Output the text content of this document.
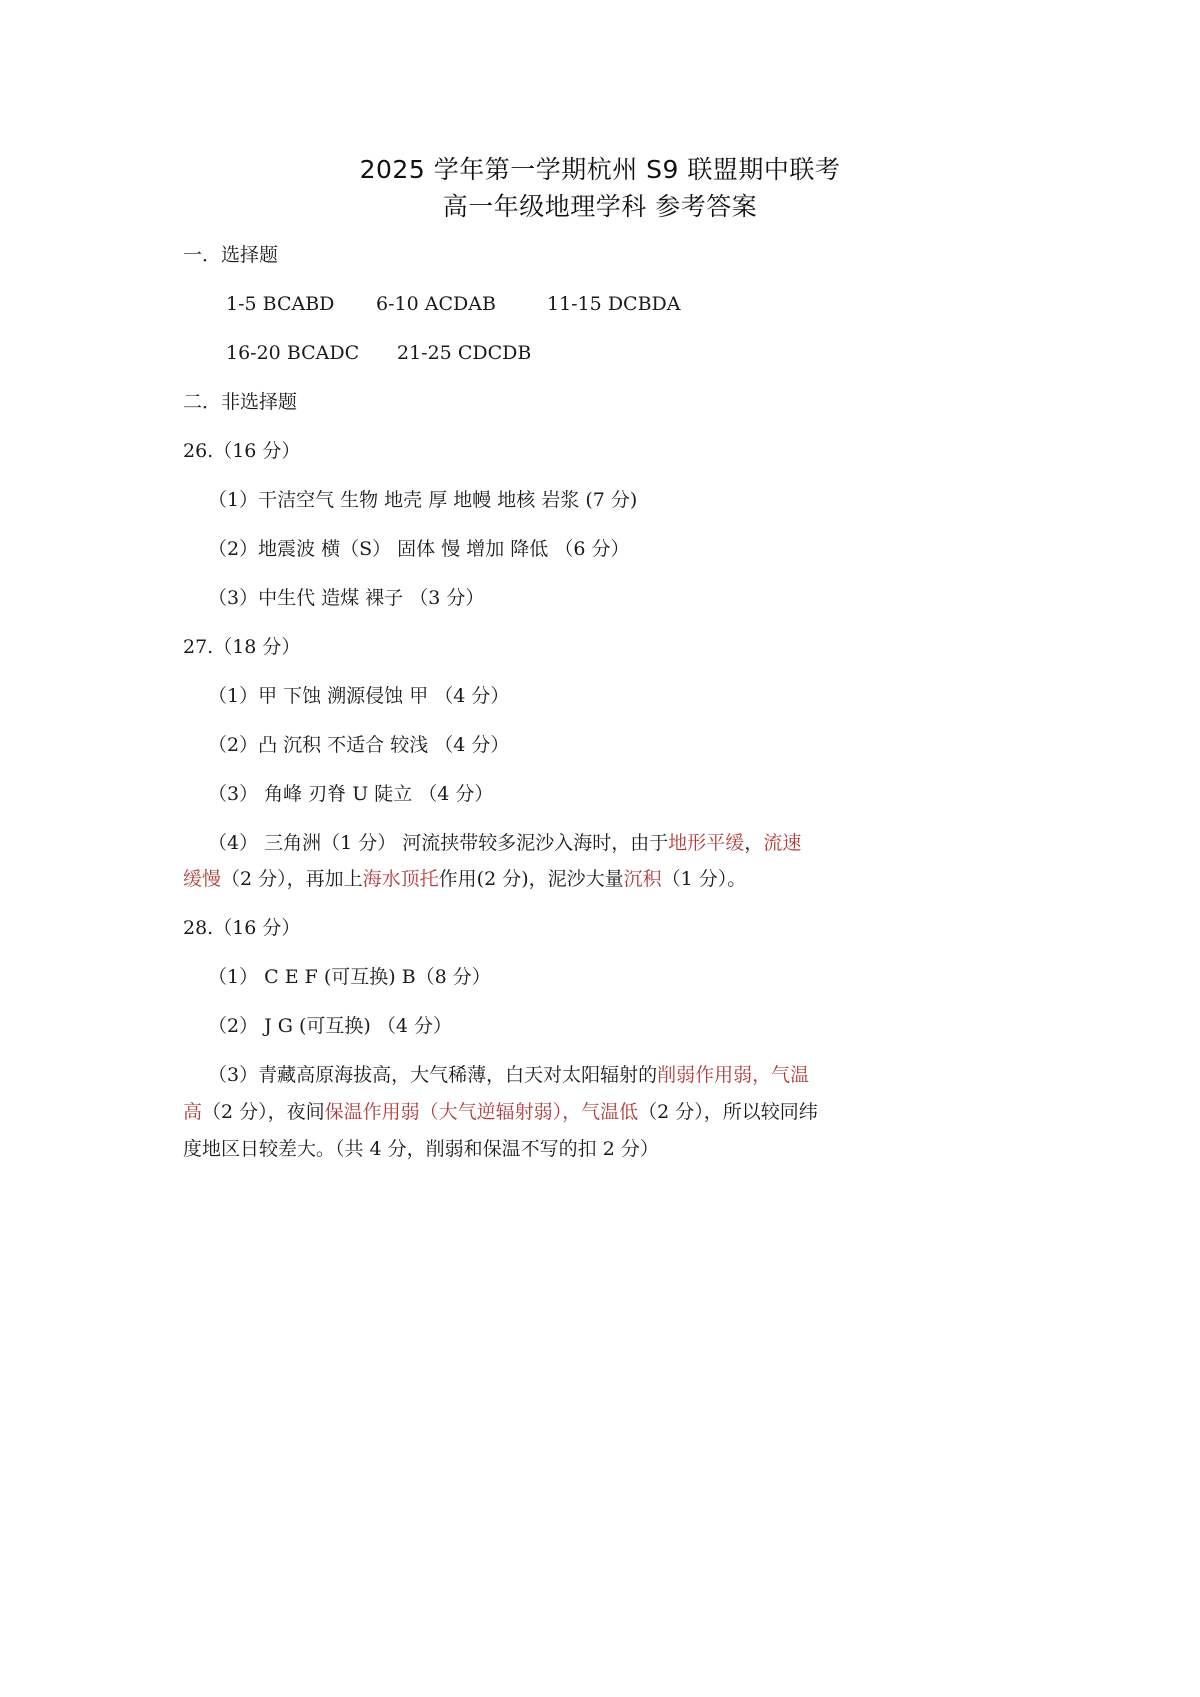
2025 学年第一学期杭州 S9 联盟期中联考
高一年级地理学科 参考答案
一．选择题
1-5 BCABD 6-10 ACDAB	11-15 DCBDA
16-20 BCADC 21-25 CDCDB
二．非选择题
26.（16 分）
（1）干洁空气 生物 地壳 厚 地幔 地核 岩浆 (7 分)
（2）地震波 横（S） 固体 慢 增加 降低 （6 分）
（3）中生代 造煤 裸子 （3 分）
27.（18 分）
（1）甲 下蚀 溯源侵蚀 甲 （4 分）
（2）凸 沉积 不适合 较浅 （4 分）
（3） 角峰 刃脊 U 陡立 （4 分）
（4） 三角洲（1 分） 河流挟带较多泥沙入海时，由于地形平缓，流速
缓慢（2 分），再加上海水顶托作用(2 分)，泥沙大量沉积（1 分）。
28.（16 分）
（1） C E F (可互换) B（8 分）
（2） J G (可互换) （4 分）
（3）青藏高原海拔高，大气稀薄，白天对太阳辐射的削弱作用弱，气温
高（2 分），夜间保温作用弱（大气逆辐射弱），气温低（2 分），所以较同纬
度地区日较差大。（共 4 分，削弱和保温不写的扣 2 分）
